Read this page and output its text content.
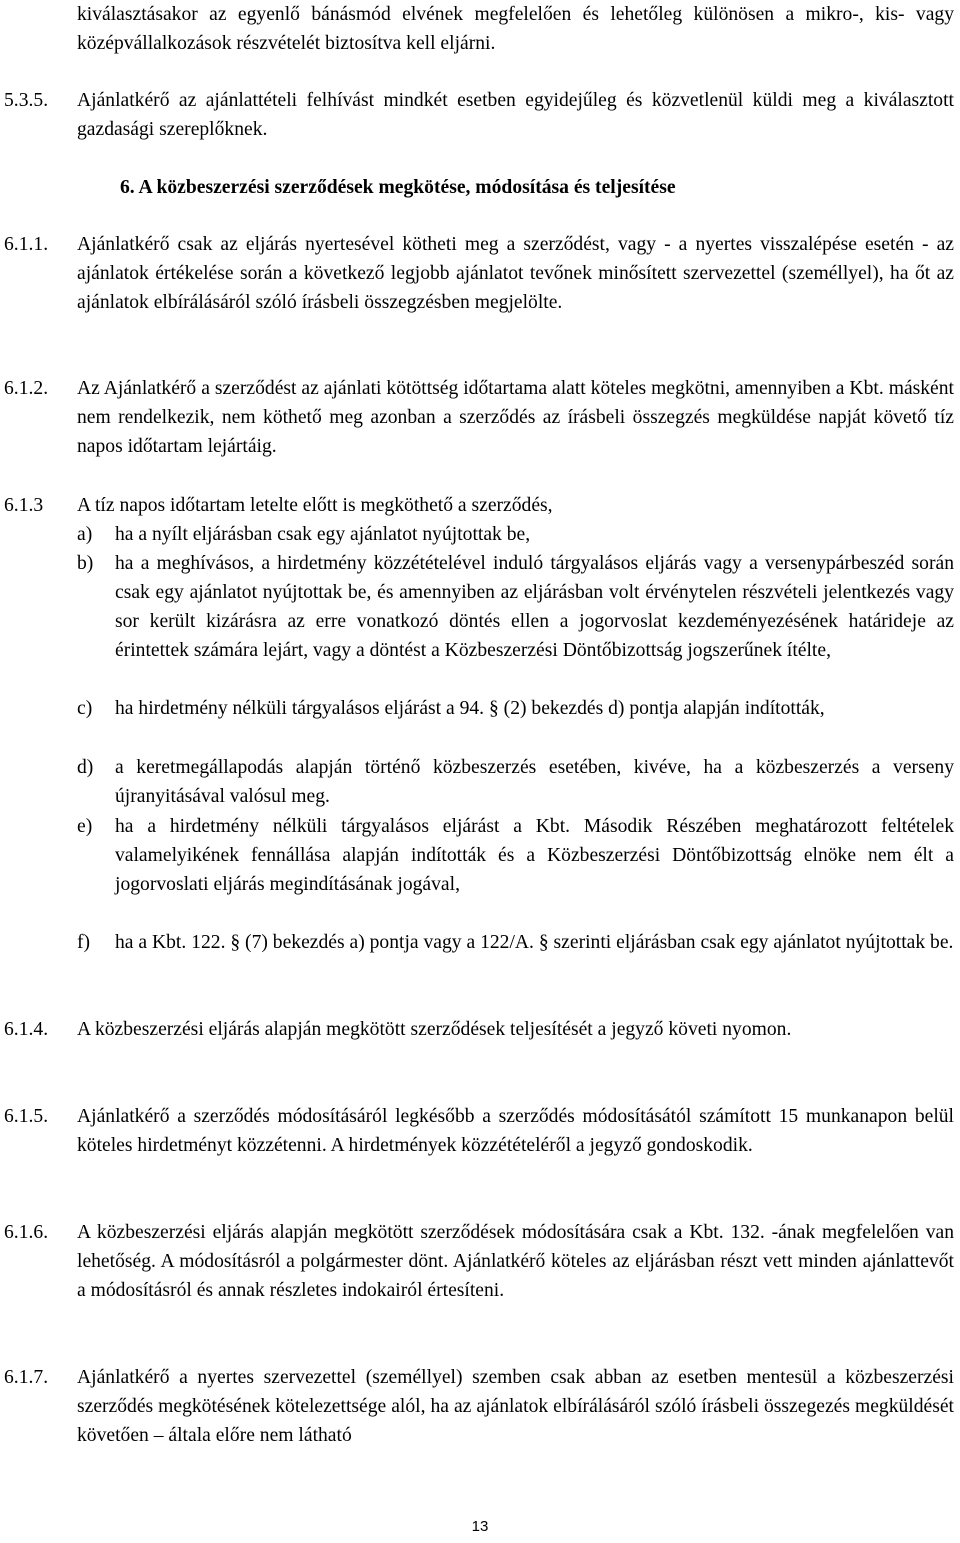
kiválasztásakor az egyenlő bánásmód elvének megfelelően és lehetőleg különösen a mikro-, kis- vagy középvállalkozások részvételét biztosítva kell eljárni.
5.3.5. Ajánlatkérő az ajánlattételi felhívást mindkét esetben egyidejűleg és közvetlenül küldi meg a kiválasztott gazdasági szereplőknek.
6. A közbeszerzési szerződések megkötése, módosítása és teljesítése
6.1.1. Ajánlatkérő csak az eljárás nyertesével kötheti meg a szerződést, vagy - a nyertes visszalépése esetén - az ajánlatok értékelése során a következő legjobb ajánlatot tevőnek minősített szervezettel (személlyel), ha őt az ajánlatok elbírálásáról szóló írásbeli összegzésben megjelölte.
6.1.2. Az Ajánlatkérő a szerződést az ajánlati kötöttség időtartama alatt köteles megkötni, amennyiben a Kbt. másként nem rendelkezik, nem köthető meg azonban a szerződés az írásbeli összegzés megküldése napját követő tíz napos időtartam lejártáig.
6.1.3 A tíz napos időtartam letelte előtt is megköthető a szerződés,
a) ha a nyílt eljárásban csak egy ajánlatot nyújtottak be,
b) ha a meghívásos, a hirdetmény közzétételével induló tárgyalásos eljárás vagy a versenypárbeszéd során csak egy ajánlatot nyújtottak be, és amennyiben az eljárásban volt érvénytelen részvételi jelentkezés vagy sor került kizárásra az erre vonatkozó döntés ellen a jogorvoslat kezdeményezésének határideje az érintettek számára lejárt, vagy a döntést a Közbeszerzési Döntőbizottság jogszerűnek ítélte,
c) ha hirdetmény nélküli tárgyalásos eljárást a 94. § (2) bekezdés d) pontja alapján indították,
d) a keretmegállapodás alapján történő közbeszerzés esetében, kivéve, ha a közbeszerzés a verseny újranyitásával valósul meg.
e) ha a hirdetmény nélküli tárgyalásos eljárást a Kbt. Második Részében meghatározott feltételek valamelyikének fennállása alapján indították és a Közbeszerzési Döntőbizottság elnöke nem élt a jogorvoslati eljárás megindításának jogával,
f) ha a Kbt. 122. § (7) bekezdés a) pontja vagy a 122/A. § szerinti eljárásban csak egy ajánlatot nyújtottak be.
6.1.4. A közbeszerzési eljárás alapján megkötött szerződések teljesítését a jegyző követi nyomon.
6.1.5. Ajánlatkérő a szerződés módosításáról legkésőbb a szerződés módosításától számított 15 munkanapon belül köteles hirdetményt közzétenni. A hirdetmények közzétételéről a jegyző gondoskodik.
6.1.6. A közbeszerzési eljárás alapján megkötött szerződések módosítására csak a Kbt. 132. -ának megfelelően van lehetőség. A módosításról a polgármester dönt. Ajánlatkérő köteles az eljárásban részt vett minden ajánlattevőt a módosításról és annak részletes indokairól értesíteni.
6.1.7. Ajánlatkérő a nyertes szervezettel (személlyel) szemben csak abban az esetben mentesül a közbeszerzési szerződés megkötésének kötelezettsége alól, ha az ajánlatok elbírálásáról szóló írásbeli összegezés megküldését követően – általa előre nem látható
13
